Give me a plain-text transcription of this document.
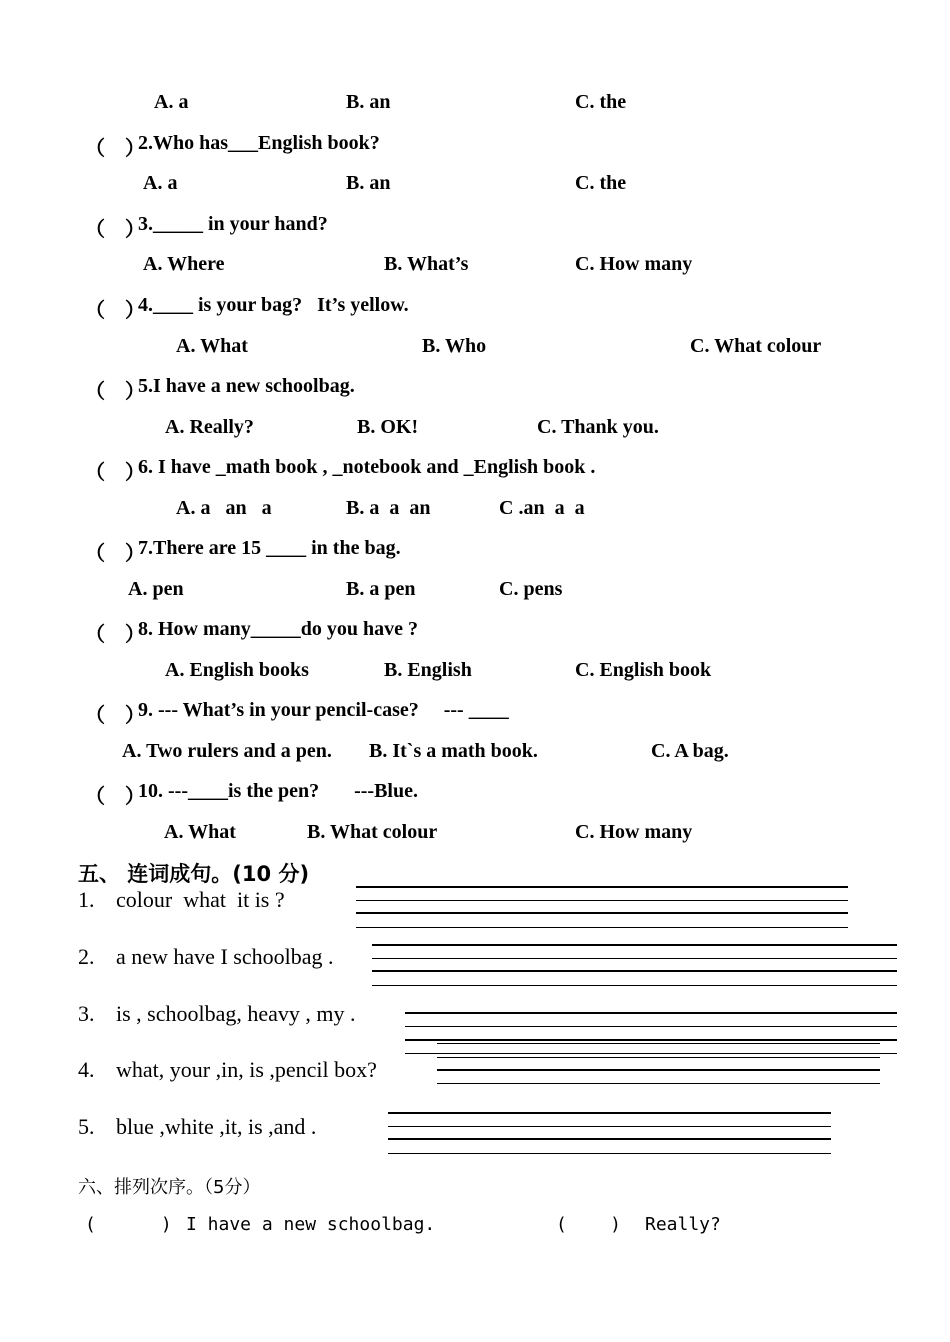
A. a	B. an	C. the
（    ）
2.Who has___English book?
A. a	B. an	C. the
（    ）
3._____ in your hand?
A. Where	B. What’s	C. How many
（    ）
4.____ is your bag?   It’s yellow.
A. What	B. Who	C. What colour
（    ）
5.I have a new schoolbag.
A. Really?	B. OK!	C. Thank you.
（    ）
6. I have _math book , _notebook and _English book .
A. a   an   a	B. a  a  an	C .an  a  a
（    ）
7.There are 15 ____ in the bag.
A. pen	B. a pen	C. pens
（    ）
8. How many_____do you have ?
A. English books	B. English	C. English book
（    ）
9. --- What’s in your pencil-case?     --- ____
A. Two rulers and a pen. B. It`s a math book.	C. A bag.
（    ）
10. ---____is the pen?       ---Blue.
A. What	B. What colour	C. How many
五、 连词成句。(10 分)
1. colour  what  it is ?
2. a new have I schoolbag .
3. is , schoolbag, heavy , my .
4. what, your ,in, is ,pencil box?
5. blue ,white ,it, is ,and .
六、排列次序。（5分）
(      ) I have a new schoolbag.	(    ) Really?
